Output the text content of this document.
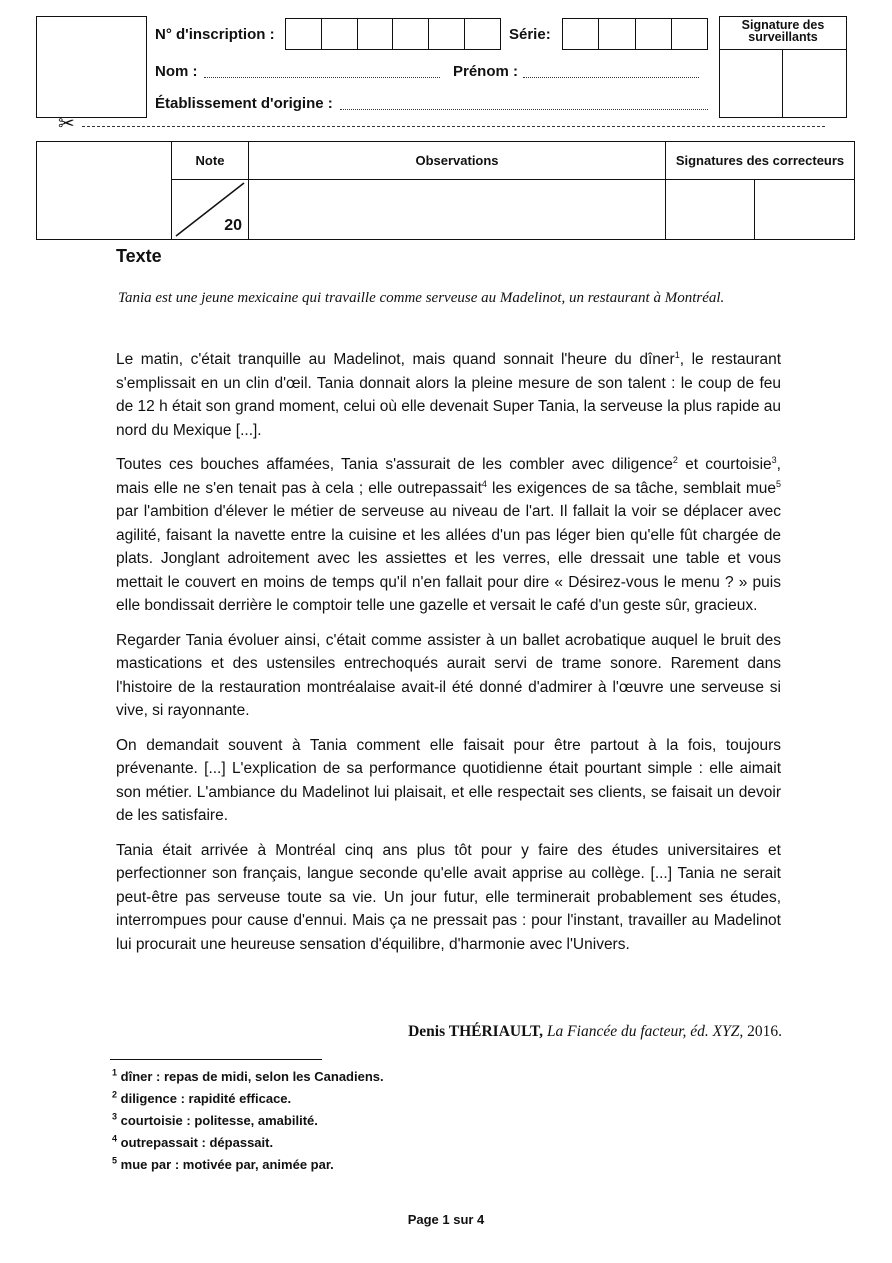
N° d'inscription :	Série:
Nom :	Prénom :
Établissement d'origine :
Signature des surveillants
✂
	Note	Observations	Signatures des correcteurs	

	20			

Texte
Tania est une jeune mexicaine qui travaille comme serveuse au Madelinot, un restaurant à Montréal.

Le matin, c'était tranquille au Madelinot, mais quand sonnait l'heure du dîner$^1$, le restaurant s'emplissait en un clin d'œil. Tania donnait alors la pleine mesure de son talent : le coup de feu de 12 h était son grand moment, celui où elle devenait Super Tania, la serveuse la plus rapide au nord du Mexique [...].

Toutes ces bouches affamées, Tania s'assurait de les combler avec diligence$^2$ et courtoisie$^3$, mais elle ne s'en tenait pas à cela ; elle outrepassait$^4$ les exigences de sa tâche, semblait mue$^5$ par l'ambition d'élever le métier de serveuse au niveau de l'art. Il fallait la voir se déplacer avec agilité, faisant la navette entre la cuisine et les allées d'un pas léger bien qu'elle fût chargée de plats. Jonglant adroitement avec les assiettes et les verres, elle dressait une table et vous mettait le couvert en moins de temps qu'il n'en fallait pour dire « Désirez-vous le menu ? » puis elle bondissait derrière le comptoir telle une gazelle et versait le café d'un geste sûr, gracieux.

Regarder Tania évoluer ainsi, c'était comme assister à un ballet acrobatique auquel le bruit des mastications et des ustensiles entrechoqués aurait servi de trame sonore. Rarement dans l'histoire de la restauration montréalaise avait-il été donné d'admirer à l'œuvre une serveuse si vive, si rayonnante.

On demandait souvent à Tania comment elle faisait pour être partout à la fois, toujours prévenante. [...] L'explication de sa performance quotidienne était pourtant simple : elle aimait son métier. L'ambiance du Madelinot lui plaisait, et elle respectait ses clients, se faisait un devoir de les satisfaire.

Tania était arrivée à Montréal cinq ans plus tôt pour y faire des études universitaires et perfectionner son français, langue seconde qu'elle avait apprise au collège. [...] Tania ne serait peut-être pas serveuse toute sa vie. Un jour futur, elle terminerait probablement ses études, interrompues pour cause d'ennui. Mais ça ne pressait pas : pour l'instant, travailler au Madelinot lui procurait une heureuse sensation d'équilibre, d'harmonie avec l'Univers.

Denis THÉRIAULT, La Fiancée du facteur, éd. XYZ, 2016.
$^1$ dîner : repas de midi, selon les Canadiens.
$^2$ diligence : rapidité efficace.
$^3$ courtoisie : politesse, amabilité.
$^4$ outrepassait : dépassait.
$^5$ mue par : motivée par, animée par.
Page 1 sur 4
